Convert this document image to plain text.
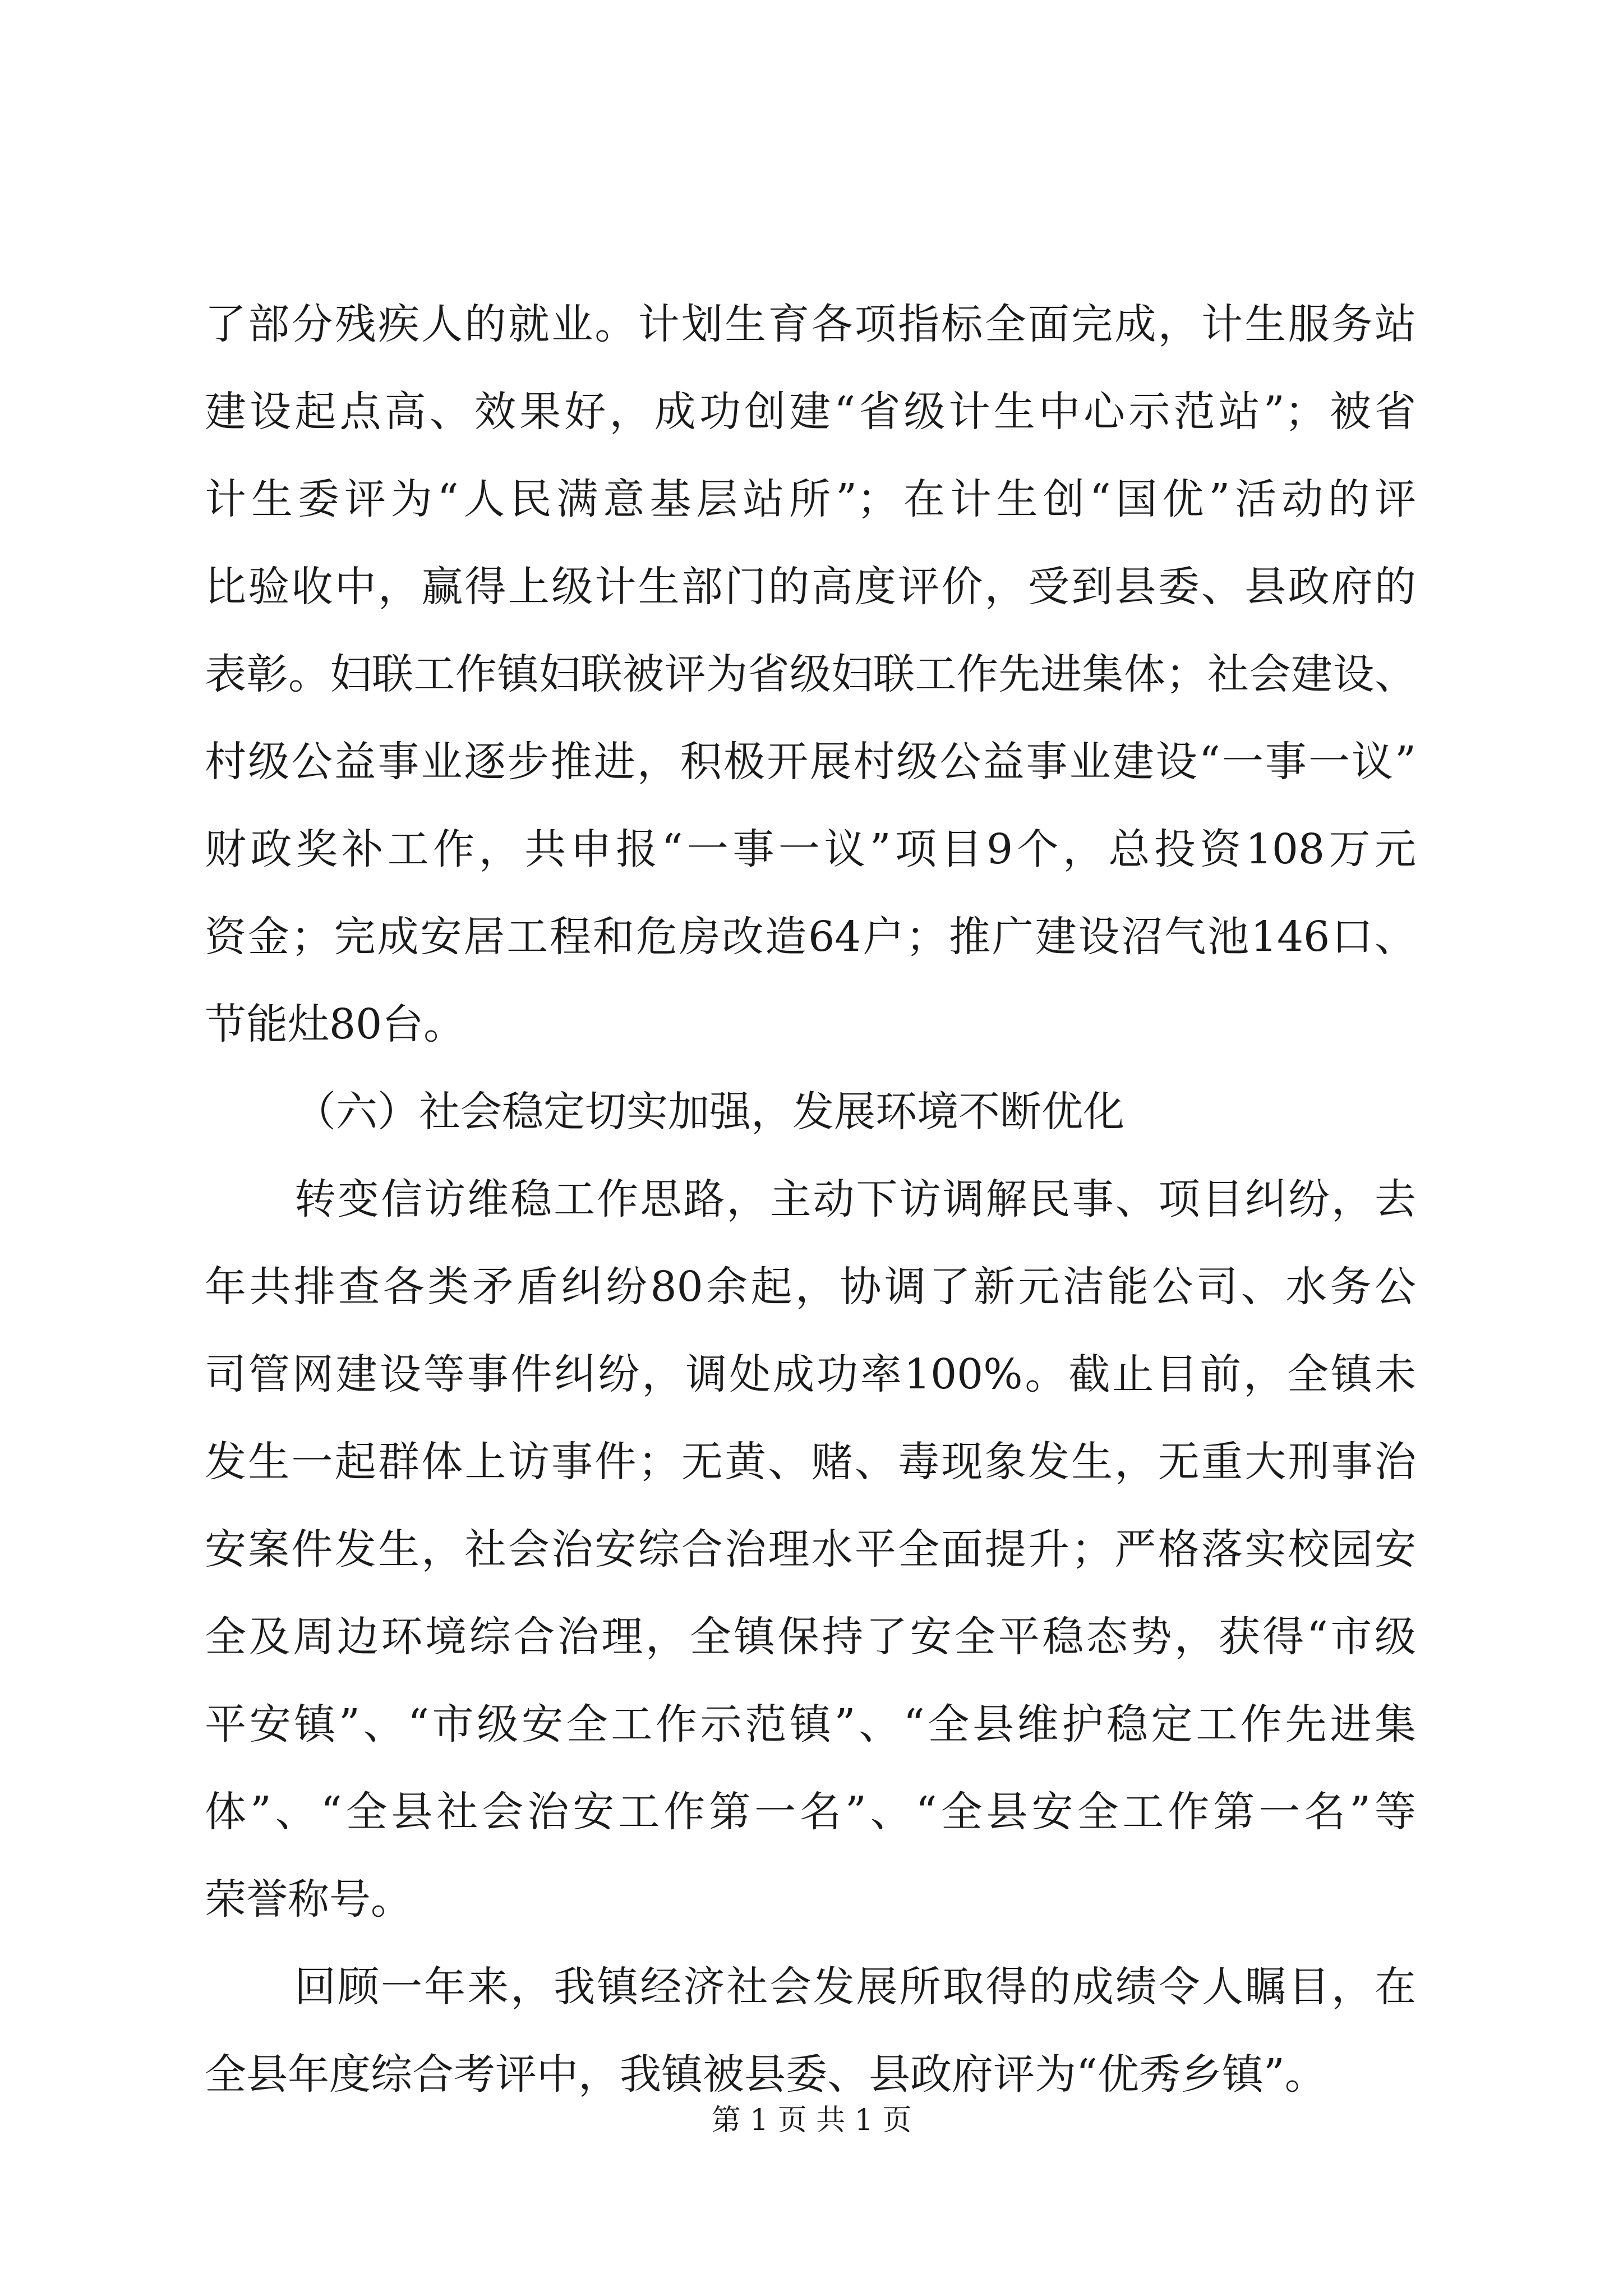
了部分残疾人的就业。计划生育各项指标全面完成，计生服务站
建设起点高、效果好，成功创建“省级计生中心示范站”；被省
计生委评为“人民满意基层站所”；在计生创“国优”活动的评
比验收中，赢得上级计生部门的高度评价，受到县委、县政府的
表彰。妇联工作镇妇联被评为省级妇联工作先进集体；社会建设、
村级公益事业逐步推进，积极开展村级公益事业建设“一事一议”
财政奖补工作，共申报“一事一议”项目9个，总投资108万元
资金；完成安居工程和危房改造64户；推广建设沼气池146口、
节能灶80台。
（六）社会稳定切实加强，发展环境不断优化
转变信访维稳工作思路，主动下访调解民事、项目纠纷，去
年共排查各类矛盾纠纷80余起，协调了新元洁能公司、水务公
司管网建设等事件纠纷，调处成功率100%。截止目前，全镇未
发生一起群体上访事件；无黄、赌、毒现象发生，无重大刑事治
安案件发生，社会治安综合治理水平全面提升；严格落实校园安
全及周边环境综合治理，全镇保持了安全平稳态势，获得“市级
平安镇”、“市级安全工作示范镇”、“全县维护稳定工作先进集
体”、“全县社会治安工作第一名”、“全县安全工作第一名”等
荣誉称号。
回顾一年来，我镇经济社会发展所取得的成绩令人瞩目，在
全县年度综合考评中，我镇被县委、县政府评为“优秀乡镇”。
第 1 页 共 1 页
